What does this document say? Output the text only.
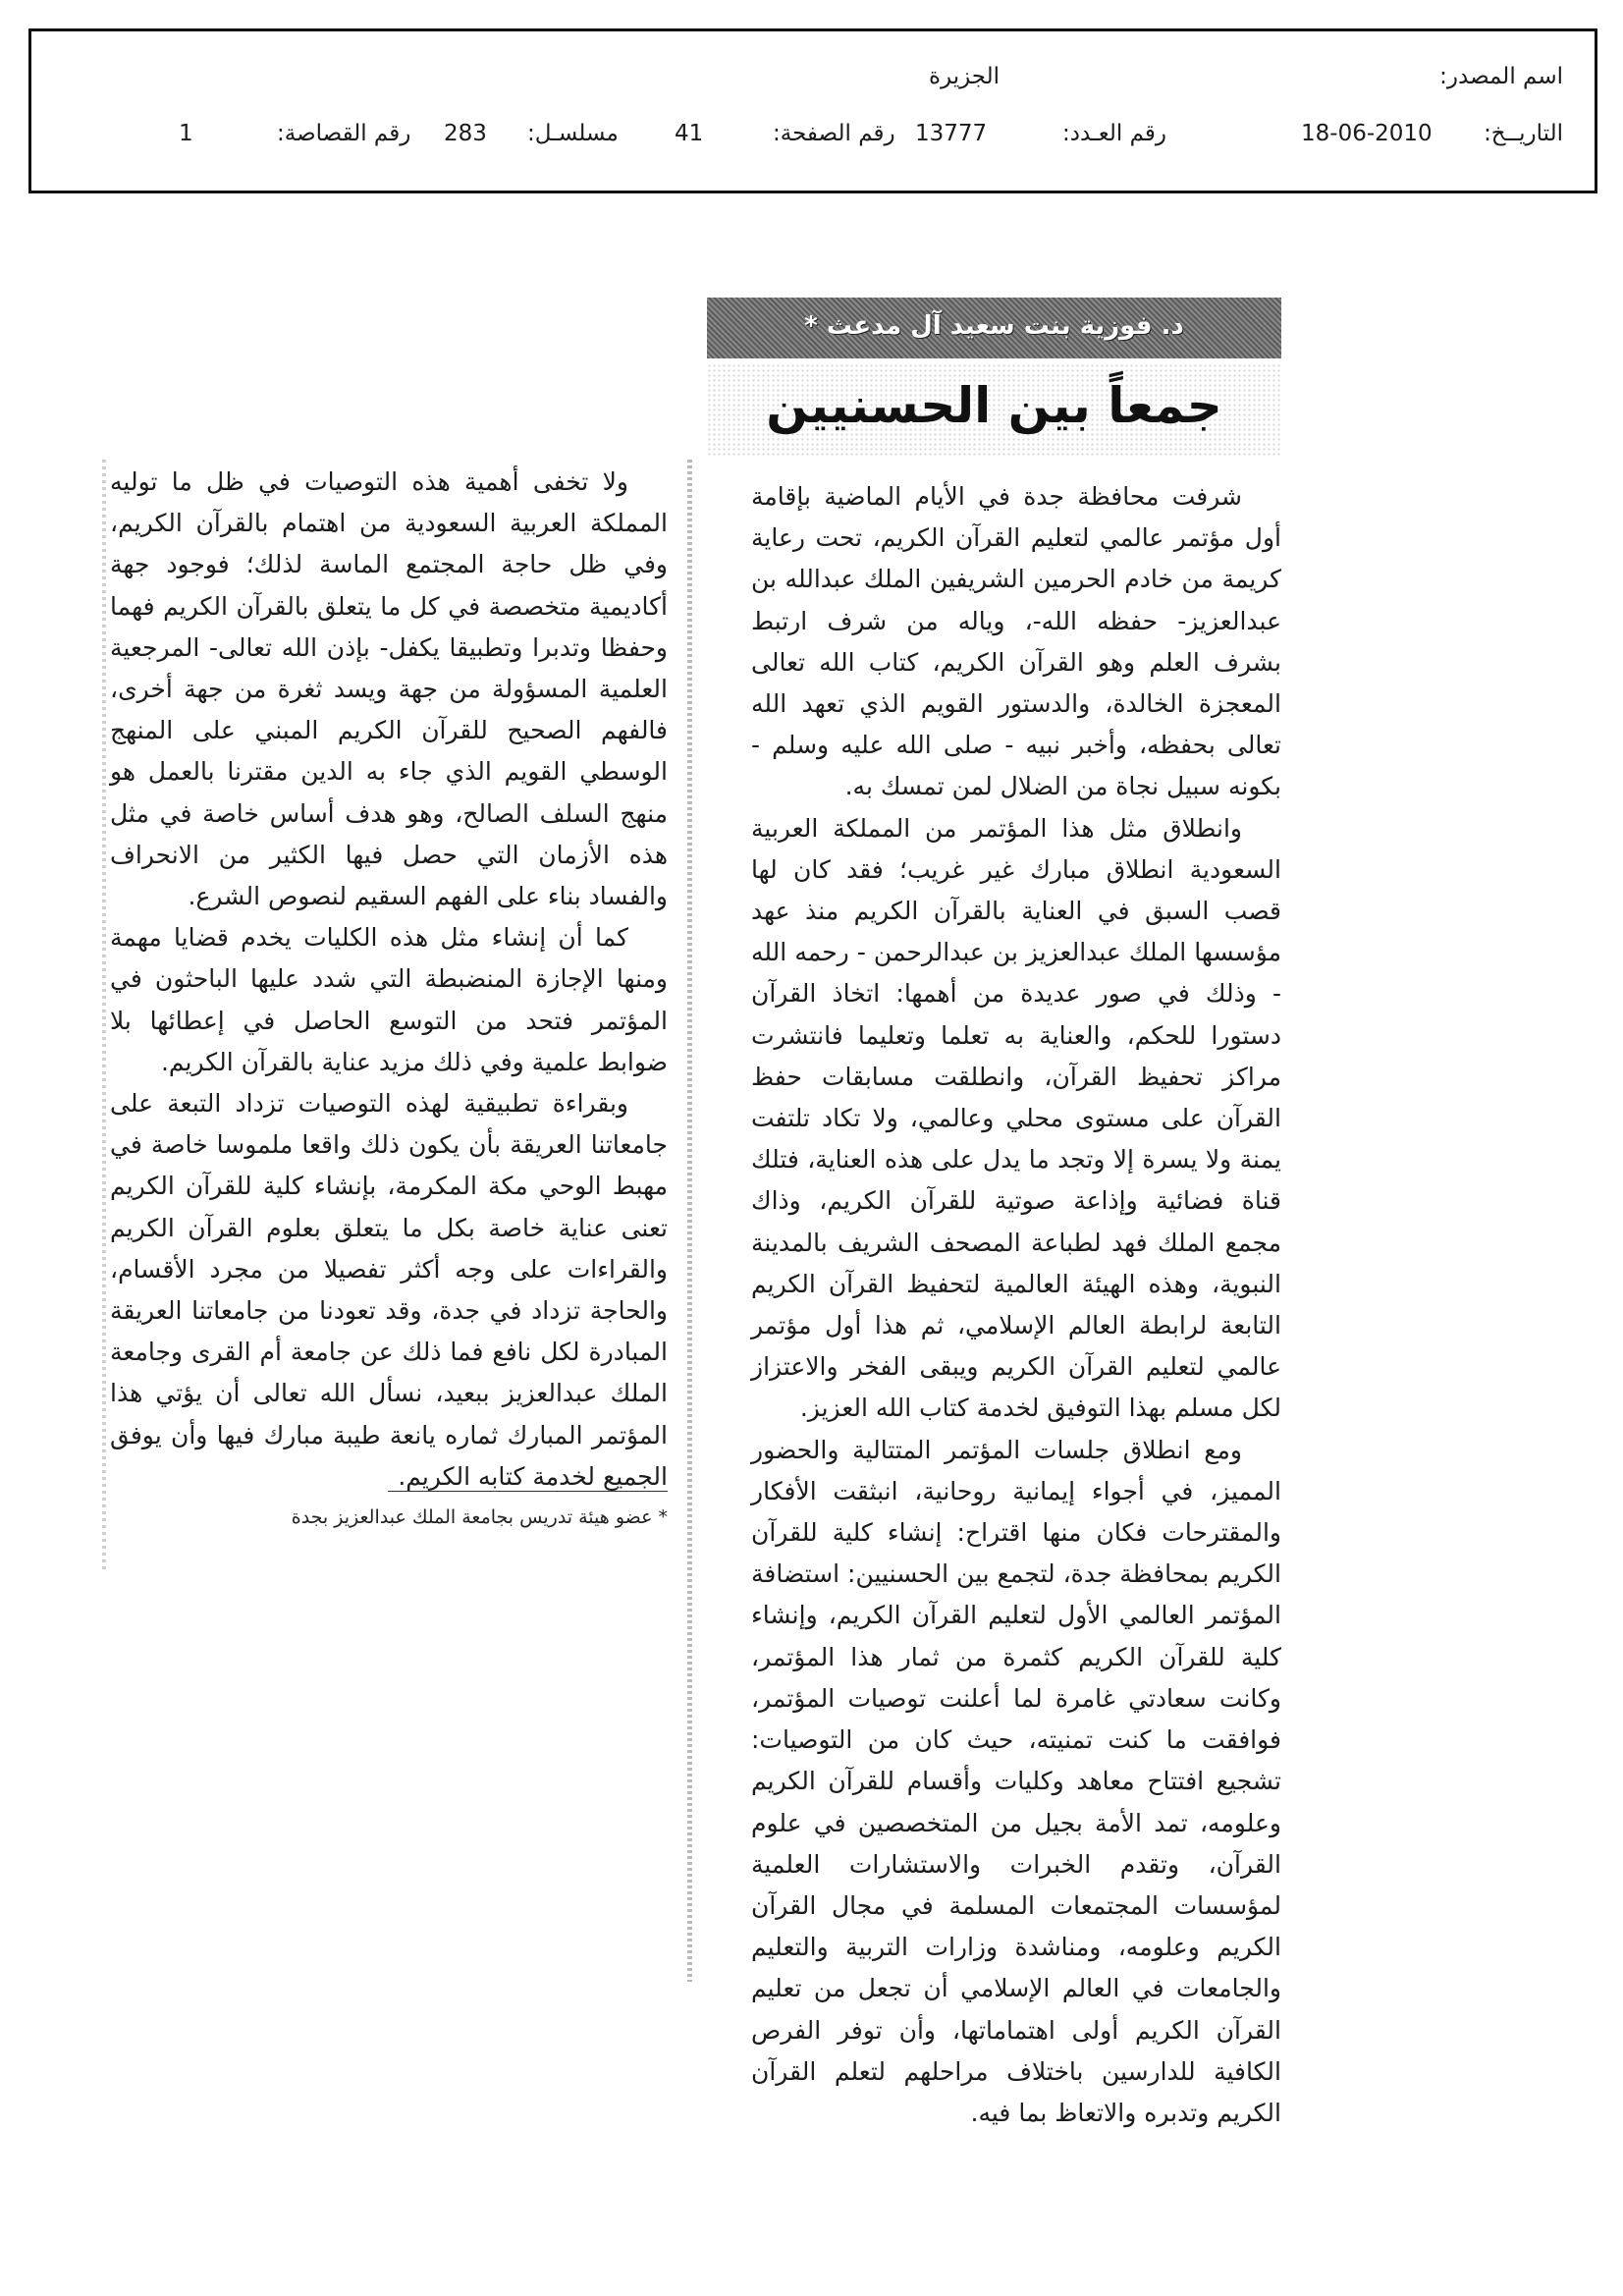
اسم المصدر:
الجزيرة
التاريــخ:
18-06-2010
رقم العـدد:
13777
رقم الصفحة:
41
مسلسـل:
283
رقم القصاصة:
1
د. فوزية بنت سعيد آل مدعث *
جمعاً بين الحسنيين

شرفت محافظة جدة في الأيام الماضية بإقامة أول مؤتمر عالمي لتعليم القرآن الكريم، تحت رعاية كريمة من خادم الحرمين الشريفين الملك عبدالله بن عبدالعزيز- حفظه الله-، وياله من شرف ارتبط بشرف العلم وهو القرآن الكريم، كتاب الله تعالى المعجزة الخالدة، والدستور القويم الذي تعهد الله تعالى بحفظه، وأخبر نبيه - صلى الله عليه وسلم - بكونه سبيل نجاة من الضلال لمن تمسك به.

وانطلاق مثل هذا المؤتمر من المملكة العربية السعودية انطلاق مبارك غير غريب؛ فقد كان لها قصب السبق في العناية بالقرآن الكريم منذ عهد مؤسسها الملك عبدالعزيز بن عبدالرحمن - رحمه الله - وذلك في صور عديدة من أهمها: اتخاذ القرآن دستورا للحكم، والعناية به تعلما وتعليما فانتشرت مراكز تحفيظ القرآن، وانطلقت مسابقات حفظ القرآن على مستوى محلي وعالمي، ولا تكاد تلتفت يمنة ولا يسرة إلا وتجد ما يدل على هذه العناية، فتلك قناة فضائية وإذاعة صوتية للقرآن الكريم، وذاك مجمع الملك فهد لطباعة المصحف الشريف بالمدينة النبوية، وهذه الهيئة العالمية لتحفيظ القرآن الكريم التابعة لرابطة العالم الإسلامي، ثم هذا أول مؤتمر عالمي لتعليم القرآن الكريم ويبقى الفخر والاعتزاز لكل مسلم بهذا التوفيق لخدمة كتاب الله العزيز.

ومع انطلاق جلسات المؤتمر المتتالية والحضور المميز، في أجواء إيمانية روحانية، انبثقت الأفكار والمقترحات فكان منها اقتراح: إنشاء كلية للقرآن الكريم بمحافظة جدة، لتجمع بين الحسنيين: استضافة المؤتمر العالمي الأول لتعليم القرآن الكريم، وإنشاء كلية للقرآن الكريم كثمرة من ثمار هذا المؤتمر، وكانت سعادتي غامرة لما أعلنت توصيات المؤتمر، فوافقت ما كنت تمنيته، حيث كان من التوصيات: تشجيع افتتاح معاهد وكليات وأقسام للقرآن الكريم وعلومه، تمد الأمة بجيل من المتخصصين في علوم القرآن، وتقدم الخبرات والاستشارات العلمية لمؤسسات المجتمعات المسلمة في مجال القرآن الكريم وعلومه، ومناشدة وزارات التربية والتعليم والجامعات في العالم الإسلامي أن تجعل من تعليم القرآن الكريم أولى اهتماماتها، وأن توفر الفرص الكافية للدارسين باختلاف مراحلهم لتعلم القرآن الكريم وتدبره والاتعاظ بما فيه.

ولا تخفى أهمية هذه التوصيات في ظل ما توليه المملكة العربية السعودية من اهتمام بالقرآن الكريم، وفي ظل حاجة المجتمع الماسة لذلك؛ فوجود جهة أكاديمية متخصصة في كل ما يتعلق بالقرآن الكريم فهما وحفظا وتدبرا وتطبيقا يكفل- بإذن الله تعالى- المرجعية العلمية المسؤولة من جهة ويسد ثغرة من جهة أخرى، فالفهم الصحيح للقرآن الكريم المبني على المنهج الوسطي القويم الذي جاء به الدين مقترنا بالعمل هو منهج السلف الصالح، وهو هدف أساس خاصة في مثل هذه الأزمان التي حصل فيها الكثير من الانحراف والفساد بناء على الفهم السقيم لنصوص الشرع.

كما أن إنشاء مثل هذه الكليات يخدم قضايا مهمة ومنها الإجازة المنضبطة التي شدد عليها الباحثون في المؤتمر فتحد من التوسع الحاصل في إعطائها بلا ضوابط علمية وفي ذلك مزيد عناية بالقرآن الكريم.

وبقراءة تطبيقية لهذه التوصيات تزداد التبعة على جامعاتنا العريقة بأن يكون ذلك واقعا ملموسا خاصة في مهبط الوحي مكة المكرمة، بإنشاء كلية للقرآن الكريم تعنى عناية خاصة بكل ما يتعلق بعلوم القرآن الكريم والقراءات على وجه أكثر تفصيلا من مجرد الأقسام، والحاجة تزداد في جدة، وقد تعودنا من جامعاتنا العريقة المبادرة لكل نافع فما ذلك عن جامعة أم القرى وجامعة الملك عبدالعزيز ببعيد، نسأل الله تعالى أن يؤتي هذا المؤتمر المبارك ثماره يانعة طيبة مبارك فيها وأن يوفق الجميع لخدمة كتابه الكريم.

* عضو هيئة تدريس بجامعة الملك عبدالعزيز بجدة
